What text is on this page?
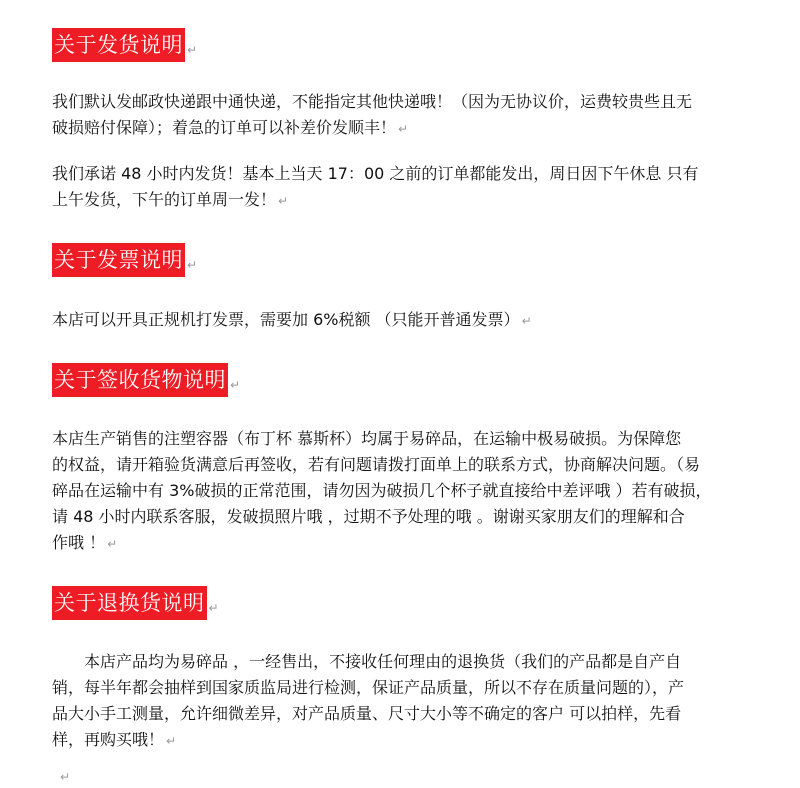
关于发货说明 ↵
我们默认发邮政快递跟中通快递，不能指定其他快递哦！（因为无协议价，运费较贵些且无
破损赔付保障）；着急的订单可以补差价发顺丰！ ↵
我们承诺 48 小时内发货！基本上当天 17：00 之前的订单都能发出，周日因下午休息 只有
上午发货，下午的订单周一发！ ↵
关于发票说明 ↵
本店可以开具正规机打发票，需要加 6%税额 （只能开普通发票） ↵
关于签收货物说明 ↵
本店生产销售的注塑容器（布丁杯 慕斯杯）均属于易碎品，在运输中极易破损。为保障您
的权益，请开箱验货满意后再签收，若有问题请拨打面单上的联系方式，协商解决问题。（易
碎品在运输中有 3%破损的正常范围，请勿因为破损几个杯子就直接给中差评哦 ）若有破损，
请 48 小时内联系客服，发破损照片哦 ，过期不予处理的哦 。谢谢买家朋友们的理解和合
作哦 ！ ↵
关于退换货说明 ↵
本店产品均为易碎品 ，一经售出，不接收任何理由的退换货（我们的产品都是自产自
销，每半年都会抽样到国家质监局进行检测，保证产品质量，所以不存在质量问题的），产
品大小手工测量，允许细微差异，对产品质量、尺寸大小等不确定的客户 可以拍样，先看
样，再购买哦！ ↵
↵
